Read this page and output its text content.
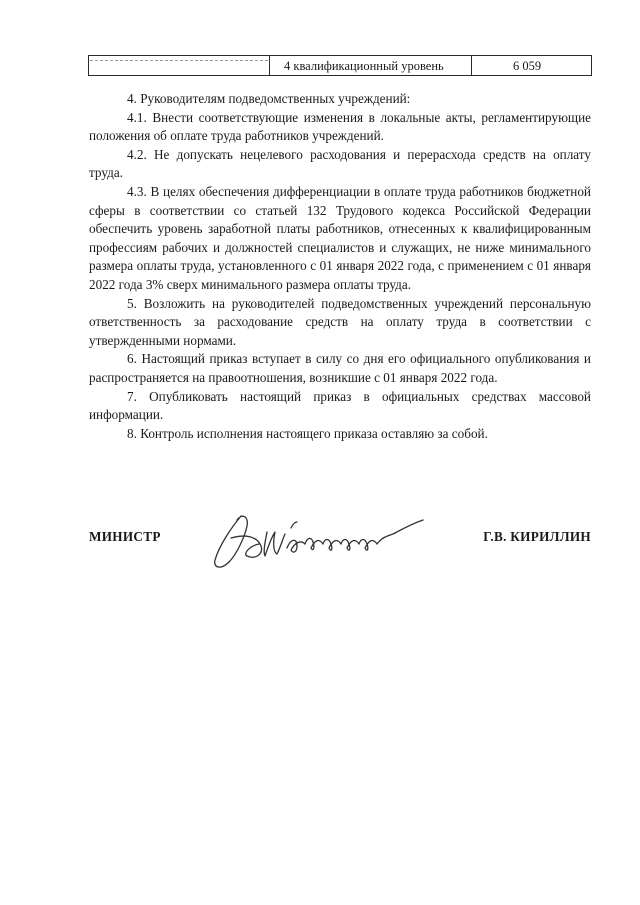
4 квалификационный уровень	6 059

4. Руководителям подведомственных учреждений:

4.1. Внести соответствующие изменения в локальные акты, регламентирующие положения об оплате труда работников учреждений.

4.2. Не допускать нецелевого расходования и перерасхода средств на оплату труда.

4.3. В целях обеспечения дифференциации в оплате труда работников бюджетной сферы в соответствии со статьей 132 Трудового кодекса Российской Федерации обеспечить уровень заработной платы работников, отнесенных к квалифицированным профессиям рабочих и должностей специалистов и служащих, не ниже минимального размера оплаты труда, установленного с 01 января 2022 года, с применением с 01 января 2022 года 3% сверх минимального размера оплаты труда.

5. Возложить на руководителей подведомственных учреждений персональную ответственность за расходование средств на оплату труда в соответствии с утвержденными нормами.

6. Настоящий приказ вступает в силу со дня его официального опубликования и распространяется на правоотношения, возникшие с 01 января 2022 года.

7. Опубликовать настоящий приказ в официальных средствах массовой информации.

8. Контроль исполнения настоящего приказа оставляю за собой.

МИНИСТР	Г.В. КИРИЛЛИН
